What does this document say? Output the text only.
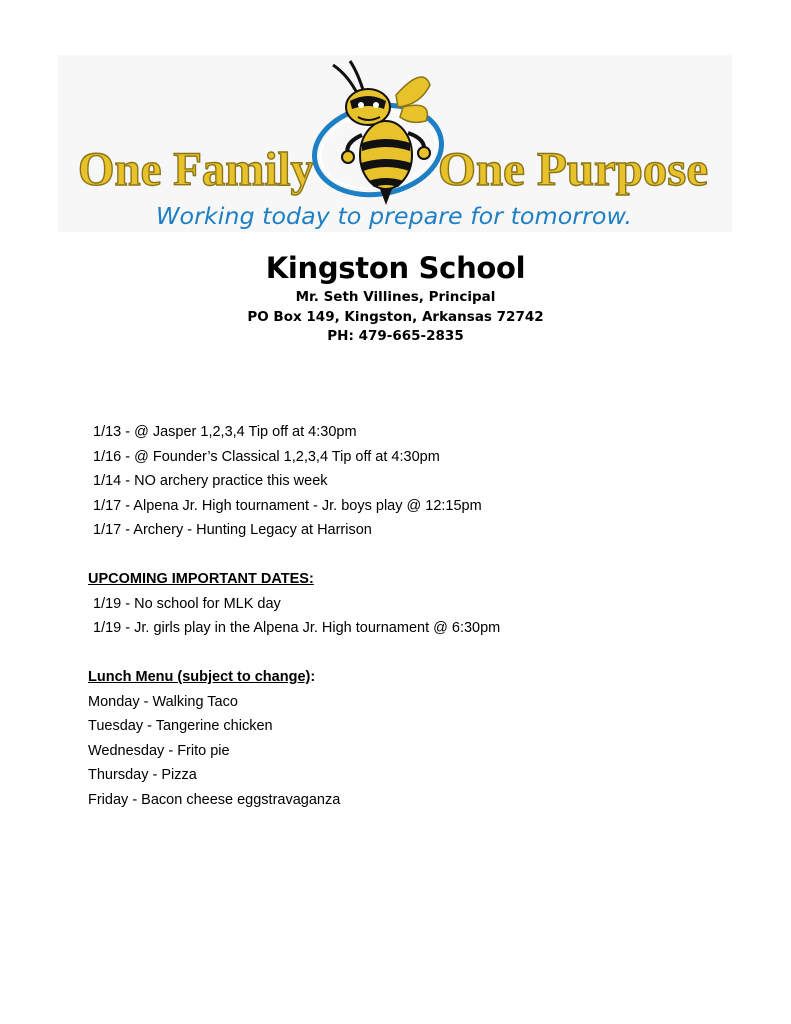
One Family	One Purpose
Working today to prepare for tomorrow.
Kingston School
Mr. Seth Villines, Principal
PO Box 149, Kingston, Arkansas 72742
PH: 479-665-2835
1/13 - @ Jasper 1,2,3,4 Tip off at 4:30pm
1/16 - @ Founder’s Classical 1,2,3,4 Tip off at 4:30pm
1/14 - NO archery practice this week
1/17 - Alpena Jr. High tournament - Jr. boys play @ 12:15pm
1/17 - Archery - Hunting Legacy at Harrison
UPCOMING IMPORTANT DATES:
1/19 - No school for MLK day
1/19 - Jr. girls play in the Alpena Jr. High tournament @ 6:30pm
Lunch Menu (subject to change):
Monday - Walking Taco
Tuesday - Tangerine chicken
Wednesday - Frito pie
Thursday - Pizza
Friday - Bacon cheese eggstravaganza
